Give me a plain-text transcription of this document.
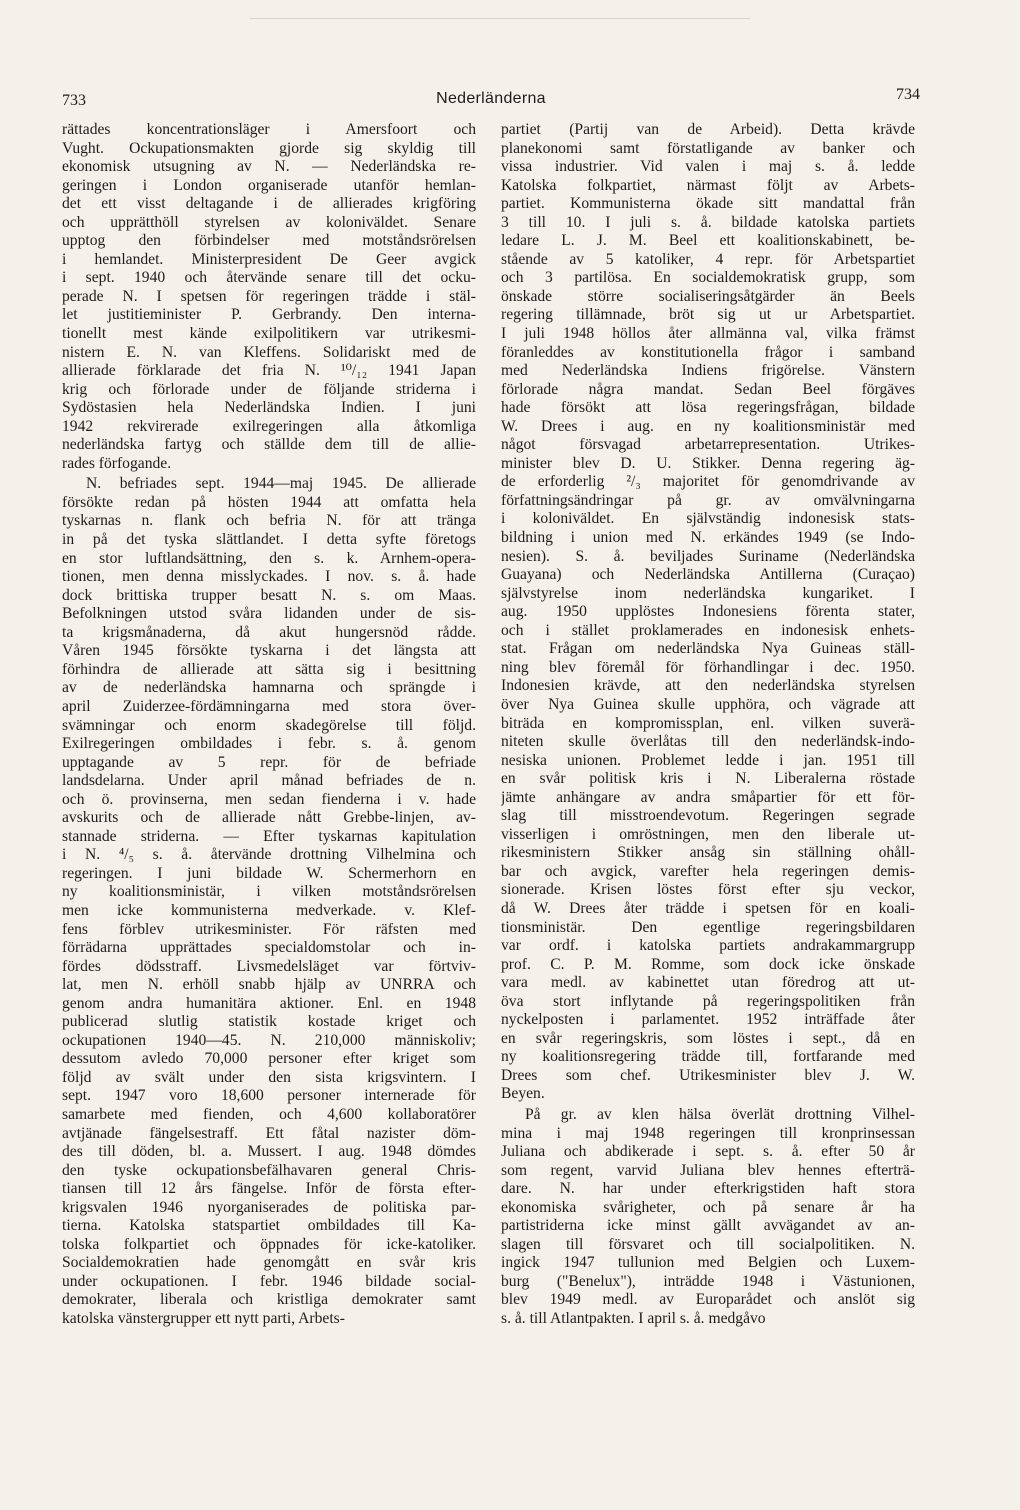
733	Nederländerna	734

rättades koncentrationsläger i Amersfoort och
Vught. Ockupationsmakten gjorde sig skyldig till
ekonomisk utsugning av N. — Nederländska re-
geringen i London organiserade utanför hemlan-
det ett visst deltagande i de allierades krigföring
och upprätthöll styrelsen av koloniväldet. Senare
upptog den förbindelser med motståndsrörelsen
i hemlandet. Ministerpresident De Geer avgick
i sept. 1940 och återvände senare till det ocku-
perade N. I spetsen för regeringen trädde i stäl-
let justitieminister P. Gerbrandy. Den interna-
tionellt mest kände exilpolitikern var utrikesmi-
nistern E. N. van Kleffens. Solidariskt med de
allierade förklarade det fria N. ¹⁰/₁₂ 1941 Japan
krig och förlorade under de följande striderna i
Sydöstasien hela Nederländska Indien. I juni
1942 rekvirerade exilregeringen alla åtkomliga
nederländska fartyg och ställde dem till de allie-
rades förfogande.

N. befriades sept. 1944—maj 1945. De allierade
försökte redan på hösten 1944 att omfatta hela
tyskarnas n. flank och befria N. för att tränga
in på det tyska slättlandet. I detta syfte företogs
en stor luftlandsättning, den s. k. Arnhem-opera-
tionen, men denna misslyckades. I nov. s. å. hade
dock brittiska trupper besatt N. s. om Maas.
Befolkningen utstod svåra lidanden under de sis-
ta krigsmånaderna, då akut hungersnöd rådde.
Våren 1945 försökte tyskarna i det längsta att
förhindra de allierade att sätta sig i besittning
av de nederländska hamnarna och sprängde i
april Zuiderzee-fördämningarna med stora över-
svämningar och enorm skadegörelse till följd.
Exilregeringen ombildades i febr. s. å. genom
upptagande av 5 repr. för de befriade
landsdelarna. Under april månad befriades de n.
och ö. provinserna, men sedan fienderna i v. hade
avskurits och de allierade nått Grebbe-linjen, av-
stannade striderna. — Efter tyskarnas kapitulation
i N. ⁴/₅ s. å. återvände drottning Vilhelmina och
regeringen. I juni bildade W. Schermerhorn en
ny koalitionsministär, i vilken motståndsrörelsen
men icke kommunisterna medverkade. v. Klef-
fens förblev utrikesminister. För räfsten med
förrädarna upprättades specialdomstolar och in-
fördes dödsstraff. Livsmedelsläget var förtviv-
lat, men N. erhöll snabb hjälp av UNRRA och
genom andra humanitära aktioner. Enl. en 1948
publicerad slutlig statistik kostade kriget och
ockupationen 1940—45. N. 210,000 människoliv;
dessutom avledo 70,000 personer efter kriget som
följd av svält under den sista krigsvintern. I
sept. 1947 voro 18,600 personer internerade för
samarbete med fienden, och 4,600 kollaboratörer
avtjänade fängelsestraff. Ett fåtal nazister döm-
des till döden, bl. a. Mussert. I aug. 1948 dömdes
den tyske ockupationsbefälhavaren general Chris-
tiansen till 12 års fängelse. Inför de första efter-
krigsvalen 1946 nyorganiserades de politiska par-
tierna. Katolska statspartiet ombildades till Ka-
tolska folkpartiet och öppnades för icke-katoliker.
Socialdemokratien hade genomgått en svår kris
under ockupationen. I febr. 1946 bildade social-
demokrater, liberala och kristliga demokrater samt
katolska vänstergrupper ett nytt parti, Arbets-

partiet (Partij van de Arbeid). Detta krävde
planekonomi samt förstatligande av banker och
vissa industrier. Vid valen i maj s. å. ledde
Katolska folkpartiet, närmast följt av Arbets-
partiet. Kommunisterna ökade sitt mandattal från
3 till 10. I juli s. å. bildade katolska partiets
ledare L. J. M. Beel ett koalitionskabinett, be-
stående av 5 katoliker, 4 repr. för Arbetspartiet
och 3 partilösa. En socialdemokratisk grupp, som
önskade större socialiseringsåtgärder än Beels
regering tillämnade, bröt sig ut ur Arbetspartiet.
I juli 1948 höllos åter allmänna val, vilka främst
föranleddes av konstitutionella frågor i samband
med Nederländska Indiens frigörelse. Vänstern
förlorade några mandat. Sedan Beel förgäves
hade försökt att lösa regeringsfrågan, bildade
W. Drees i aug. en ny koalitionsministär med
något försvagad arbetarrepresentation. Utrikes-
minister blev D. U. Stikker. Denna regering äg-
de erforderlig ²/₃ majoritet för genomdrivande av
författningsändringar på gr. av omvälvningarna
i koloniväldet. En självständig indonesisk stats-
bildning i union med N. erkändes 1949 (se Indo-
nesien). S. å. beviljades Suriname (Nederländska
Guayana) och Nederländska Antillerna (Curaçao)
självstyrelse inom nederländska kungariket. I
aug. 1950 upplöstes Indonesiens förenta stater,
och i stället proklamerades en indonesisk enhets-
stat. Frågan om nederländska Nya Guineas ställ-
ning blev föremål för förhandlingar i dec. 1950.
Indonesien krävde, att den nederländska styrelsen
över Nya Guinea skulle upphöra, och vägrade att
biträda en kompromissplan, enl. vilken suverä-
niteten skulle överlåtas till den nederländsk-indo-
nesiska unionen. Problemet ledde i jan. 1951 till
en svår politisk kris i N. Liberalerna röstade
jämte anhängare av andra småpartier för ett för-
slag till misstroendevotum. Regeringen segrade
visserligen i omröstningen, men den liberale ut-
rikesministern Stikker ansåg sin ställning ohåll-
bar och avgick, varefter hela regeringen demis-
sionerade. Krisen löstes först efter sju veckor,
då W. Drees åter trädde i spetsen för en koali-
tionsministär. Den egentlige regeringsbildaren
var ordf. i katolska partiets andrakammargrupp
prof. C. P. M. Romme, som dock icke önskade
vara medl. av kabinettet utan föredrog att ut-
öva stort inflytande på regeringspolitiken från
nyckelposten i parlamentet. 1952 inträffade åter
en svår regeringskris, som löstes i sept., då en
ny koalitionsregering trädde till, fortfarande med
Drees som chef. Utrikesminister blev J. W.
Beyen.

På gr. av klen hälsa överlät drottning Vilhel-
mina i maj 1948 regeringen till kronprinsessan
Juliana och abdikerade i sept. s. å. efter 50 år
som regent, varvid Juliana blev hennes efterträ-
dare. N. har under efterkrigstiden haft stora
ekonomiska svårigheter, och på senare år ha
partistriderna icke minst gällt avvägandet av an-
slagen till försvaret och till socialpolitiken. N.
ingick 1947 tullunion med Belgien och Luxem-
burg ("Benelux"), inträdde 1948 i Västunionen,
blev 1949 medl. av Europarådet och anslöt sig
s. å. till Atlantpakten. I april s. å. medgåvo
